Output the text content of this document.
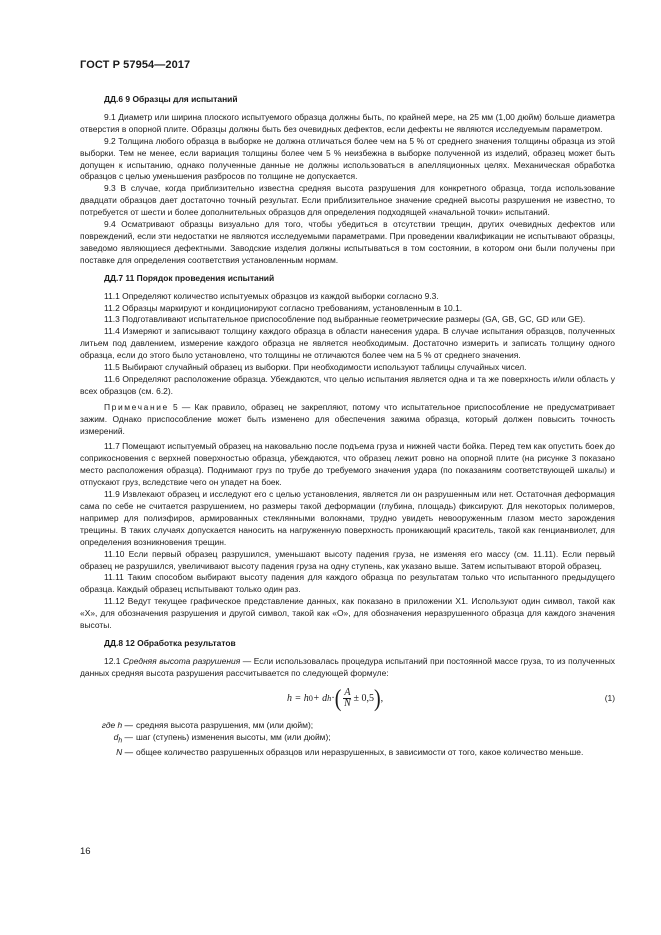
ГОСТ Р 57954—2017
ДД.6 9 Образцы для испытаний

9.1 Диаметр или ширина плоского испытуемого образца должны быть, по крайней мере, на 25 мм (1,00 дюйм) больше диаметра отверстия в опорной плите. Образцы должны быть без очевидных дефектов, если дефекты не являются исследуемым параметром.

9.2 Толщина любого образца в выборке не должна отличаться более чем на 5 % от среднего значения толщины образца из этой выборки. Тем не менее, если вариация толщины более чем 5 % неизбежна в выборке полученной из изделий, образец может быть допущен к испытанию, однако полученные данные не должны использоваться в апелляционных целях. Механическая обработка образцов с целью уменьшения разбросов по толщине не допускается.

9.3 В случае, когда приблизительно известна средняя высота разрушения для конкретного образца, тогда использование двадцати образцов дает достаточно точный результат. Если приблизительное значение средней высоты разрушения не известно, то потребуется от шести и более дополнительных образцов для определения подходящей «начальной точки» испытаний.

9.4 Осматривают образцы визуально для того, чтобы убедиться в отсутствии трещин, других очевидных дефектов или повреждений, если эти недостатки не являются исследуемыми параметрами. При проведении квалификации не испытывают образцы, заведомо являющиеся дефектными. Заводские изделия должны испытываться в том состоянии, в котором они были получены при поставке для определения соответствия установленным нормам.

ДД.7 11 Порядок проведения испытаний

11.1 Определяют количество испытуемых образцов из каждой выборки согласно 9.3.

11.2 Образцы маркируют и кондиционируют согласно требованиям, установленным в 10.1.

11.3 Подготавливают испытательное приспособление под выбранные геометрические размеры (GA, GB, GC, GD или GE).

11.4 Измеряют и записывают толщину каждого образца в области нанесения удара. В случае испытания образцов, полученных литьем под давлением, измерение каждого образца не является необходимым. Достаточно измерить и записать толщину одного образца, если до этого было установлено, что толщины не отличаются более чем на 5 % от среднего значения.

11.5 Выбирают случайный образец из выборки. При необходимости используют таблицы случайных чисел.

11.6 Определяют расположение образца. Убеждаются, что целью испытания является одна и та же поверхность и/или область у всех образцов (см. 6.2).

Примечание 5 — Как правило, образец не закрепляют, потому что испытательное приспособление не предусматривает зажим. Однако приспособление может быть изменено для обеспечения зажима образца, который должен повысить точность измерений.

11.7 Помещают испытуемый образец на наковальню после подъема груза и нижней части бойка. Перед тем как опустить боек до соприкосновения с верхней поверхностью образца, убеждаются, что образец лежит ровно на опорной плите (на рисунке 3 показано место расположения образца). Поднимают груз по трубе до требуемого значения удара (по показаниям соответствующей шкалы) и отпускают груз, вследствие чего он упадет на боек.

11.9 Извлекают образец и исследуют его с целью установления, является ли он разрушенным или нет. Остаточная деформация сама по себе не считается разрушением, но размеры такой деформации (глубина, площадь) фиксируют. Для некоторых полимеров, например для полиэфиров, армированных стеклянными волокнами, трудно увидеть невооруженным глазом место зарождения трещины. В таких случаях допускается наносить на нагруженную поверхность проникающий краситель, такой как генцианвиолет, для определения возникновения трещин.

11.10 Если первый образец разрушился, уменьшают высоту падения груза, не изменяя его массу (см. 11.11). Если первый образец не разрушился, увеличивают высоту падения груза на одну ступень, как указано выше. Затем испытывают второй образец.

11.11 Таким способом выбирают высоту падения для каждого образца по результатам только что испытанного предыдущего образца. Каждый образец испытывают только один раз.

11.12 Ведут текущее графическое представление данных, как показано в приложении Х1. Используют один символ, такой как «Х», для обозначения разрушения и другой символ, такой как «О», для обозначения неразрушенного образца для каждого значения высоты.

ДД.8 12 Обработка результатов

12.1 Средняя высота разрушения — Если использовалась процедура испытаний при постоянной массе груза, то из полученных данных средняя высота разрушения рассчитывается по следующей формуле:

h = h 0 + d h · ( $\frac{A}{N} \pm 0,5$ ) ,	(1)
где h — средняя высота разрушения, мм (или дюйм);
$d_h$ — шаг (ступень) изменения высоты, мм (или дюйм);
N — общее количество разрушенных образцов или неразрушенных, в зависимости от того, какое количество меньше.
16
